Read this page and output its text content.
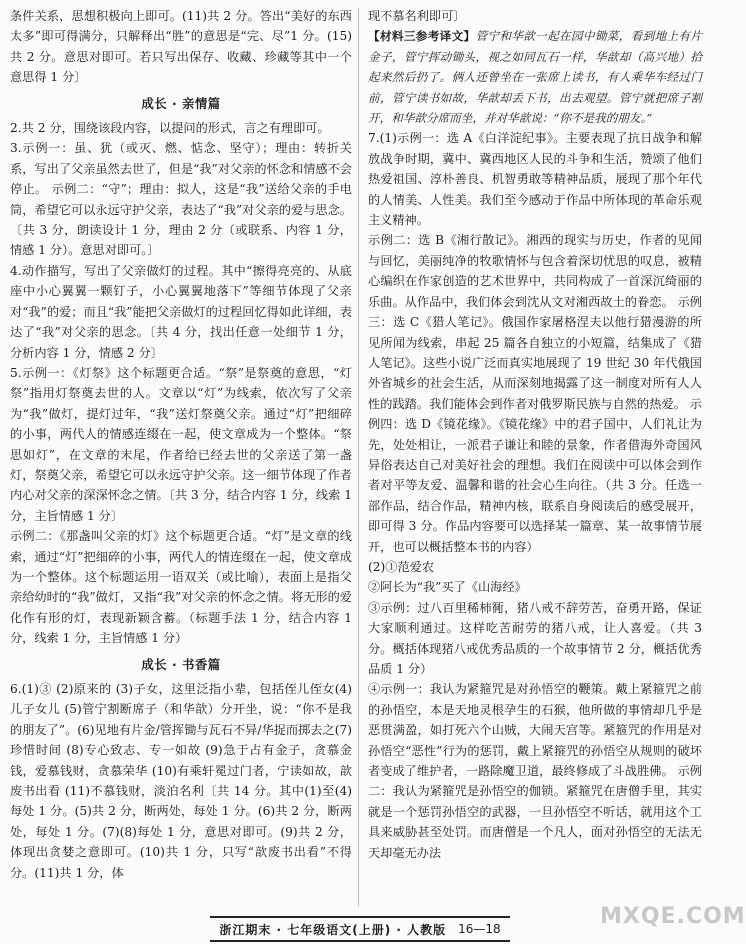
条件关系，思想积极向上即可。(11)共 2 分。答出“美好的东西太多”即可得满分，只解释出“胜”的意思是“完、尽”1 分。(15)共 2 分。意思对即可。若只写出保存、收藏、珍藏等其中一个意思得 1 分〕

成长 · 亲情篇

2.共 2 分，围绕该段内容，以提问的形式，言之有理即可。

3.示例一：虽、犹（或灭、燃、惦念、坚守）；理由：转折关系，写出了父亲虽然去世了，但是“我”对父亲的怀念和情感不会停止。 示例二：“守”；理由：拟人，这是“我”送给父亲的手电筒，希望它可以永远守护父亲，表达了“我”对父亲的爱与思念。〔共 3 分，朗读设计 1 分，理由 2 分（或联系、内容 1 分，情感 1 分）。意思对即可。〕

4.动作描写，写出了父亲做灯的过程。其中“擦得亮亮的、从底座中小心翼翼一颗钉子，小心翼翼地落下”等细节体现了父亲对“我”的爱；而且“我”能把父亲做灯的过程回忆得如此详细，表达了“我”对父亲的思念。〔共 4 分，找出任意一处细节 1 分，分析内容 1 分，情感 2 分〕

5.示例一：《灯祭》这个标题更合适。“祭”是祭奠的意思，“灯祭”指用灯祭奠去世的人。文章以“灯”为线索，依次写了父亲为“我”做灯，提灯过年，“我”送灯祭奠父亲。通过“灯”把细碎的小事，两代人的情感连缀在一起，使文章成为一个整体。“祭思如灯”，在文章的末尾，作者给已经去世的父亲送了第一盏灯，祭奠父亲，希望它可以永远守护父亲。这一细节体现了作者内心对父亲的深深怀念之情。〔共 3 分，结合内容 1 分，线索 1 分，主旨情感 1 分〕

示例二：《那盏叫父亲的灯》这个标题更合适。“灯”是文章的线索，通过“灯”把细碎的小事，两代人的情连缀在一起，使文章成为一个整体。这个标题运用一语双关（或比喻），表面上是指父亲给幼时的“我”做灯，又指“我”对父亲的怀念之情。将无形的爱化作有形的灯，表现新颖含蓄。（标题手法 1 分，结合内容 1 分，线索 1 分，主旨情感 1 分）

成长 · 书香篇

6.(1)③ (2)原来的 (3)子女，这里泛指小辈，包括侄儿侄女(4)儿子女儿 (5)管宁割断席子（和华歆）分开坐，说：“你不是我的朋友了”。(6)见地有片金/管挥锄与瓦石不异/华捉而掷去之(7)珍惜时间 (8)专心致志、专一如故 (9)急于占有金子，贪慕金钱，爱慕钱财，贪慕荣华 (10)有乘轩冕过门者，宁读如故，歆废书出看 (11)不慕钱财，淡泊名利〔共 14 分。其中(1)至(4)每处 1 分。(5)共 2 分，断两处，每处 1 分。(6)共 2 分，断两处，每处 1 分。(7)(8)每处 1 分，意思对即可。(9)共 2 分，体现出贪婪之意即可。(10)共 1 分，只写“歆废书出看”不得分。(11)共 1 分，体

现不慕名利即可〕

【材料三参考译文】管宁和华歆一起在园中锄菜，看到地上有片金子，管宁挥动锄头，视之如同瓦石一样，华歆却（高兴地）拾起来然后扔了。俩人还曾坐在一张席上读书，有人乘华车经过门前，管宁读书如故，华歆却丢下书，出去观望。管宁就把席子割开，和华歆分席而坐，并对华歆说：“你不是我的朋友。”

7.(1)示例一：选 A《白洋淀纪事》。主要表现了抗日战争和解放战争时期，冀中、冀西地区人民的斗争和生活，赞颂了他们热爱祖国、淳朴善良、机智勇敢等精神品质，展现了那个年代的人情美、人性美。我们至今感动于作品中所体现的革命乐观主义精神。

示例二：选 B《湘行散记》。湘西的现实与历史，作者的见闻与回忆，美丽纯净的牧歌情怀与包含着深切忧思的叹息，被精心编织在作家创造的艺术世界中，共同构成了一首深沉绮丽的乐曲。从作品中，我们体会到沈从文对湘西故土的眷恋。 示例三：选 C《猎人笔记》。俄国作家屠格涅夫以他行猎漫游的所见所闻为线索，串起 25 篇各自独立的小短篇，结集成了《猎人笔记》。这些小说广泛而真实地展现了 19 世纪 30 年代俄国外省城乡的社会生活，从而深刻地揭露了这一制度对所有人人性的践踏。我们能体会到作者对俄罗斯民族与自然的热爱。 示例四：选 D《镜花缘》。《镜花缘》中的君子国中，人们礼让为先，处处相让，一派君子谦让和睦的景象，作者借海外奇国风异俗表达自己对美好社会的理想。我们在阅读中可以体会到作者对平等友爱、温馨和谐的社会心生向往。（共 3 分。任选一部作品，结合作品，精神内核，联系自身阅读后的感受展开，即可得 3 分。作品内容要可以选择某一篇章、某一故事情节展开，也可以概括整本书的内容）

(2)①范爱农

②阿长为“我”买了《山海经》

③示例：过八百里稀柿衕，猪八戒不辞劳苦，奋勇开路，保证大家顺利通过。这样吃苦耐劳的猪八戒，让人喜爱。（共 3 分。概括体现猪八戒优秀品质的一个故事情节 2 分，概括优秀品质 1 分）

④示例一：我认为紧箍咒是对孙悟空的鞭策。戴上紧箍咒之前的孙悟空，本是天地灵根孕生的石猴，他所做的事情却几乎是恶贯满盈，如打死六个山贼，大闹天宫等。紧箍咒的作用是对孙悟空“恶性”行为的惩罚，戴上紧箍咒的孙悟空从规则的破坏者变成了维护者，一路除魔卫道，最终修成了斗战胜佛。 示例二：我认为紧箍咒是孙悟空的伽锁。紧箍咒在唐僧手里，其实就是一个惩罚孙悟空的武器，一旦孙悟空不听话，就用这个工具来威胁甚至处罚。而唐僧是一个凡人，面对孙悟空的无法无天却毫无办法

浙江期末 · 七年级语文(上册) · 人教版 16—18	MXQE.COM
